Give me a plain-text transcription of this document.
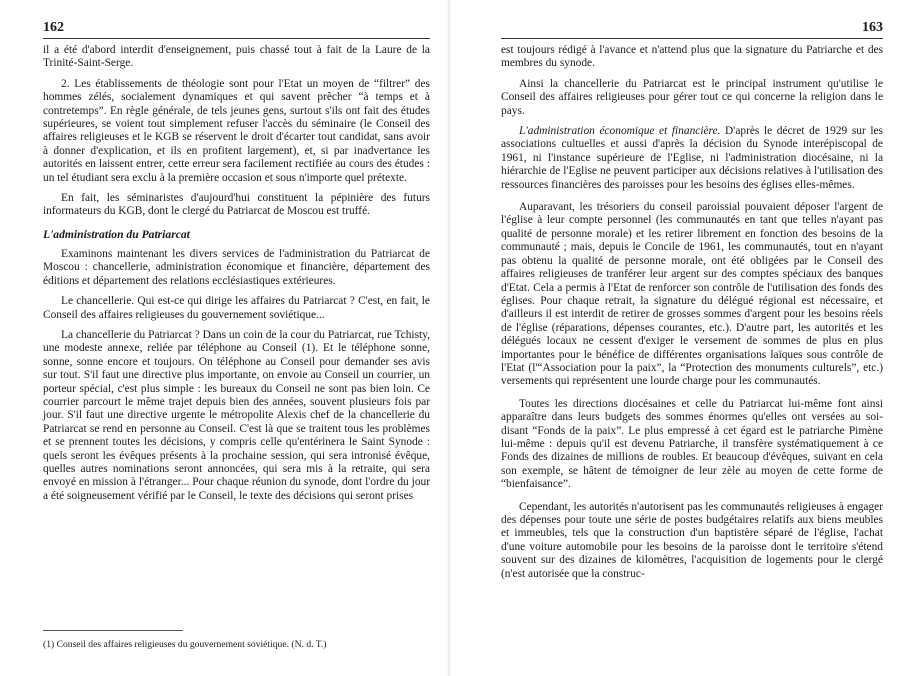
162

il a été d'abord interdit d'enseignement, puis chassé tout à fait de la Laure de la Trinité-Saint-Serge.

2. Les établissements de théologie sont pour l'Etat un moyen de “filtrer” des hommes zélés, socialement dynamiques et qui savent prêcher “à temps et à contretemps”. En règle générale, de tels jeunes gens, surtout s'ils ont fait des études supérieures, se voient tout simplement refuser l'accès du séminaire (le Conseil des affaires religieuses et le KGB se réservent le droit d'écarter tout candidat, sans avoir à donner d'explication, et ils en profitent largement), et, si par inadvertance les autorités en laissent entrer, cette erreur sera facilement rectifiée au cours des études : un tel étudiant sera exclu à la première occasion et sous n'importe quel prétexte.

En fait, les séminaristes d'aujourd'hui constituent la pépinière des futurs informateurs du KGB, dont le clergé du Patriarcat de Moscou est truffé.

L'administration du Patriarcat

Examinons maintenant les divers services de l'administration du Patriarcat de Moscou : chancellerie, administration économique et financière, département des éditions et département des relations ecclésiastiques extérieures.

Le chancellerie. Qui est-ce qui dirige les affaires du Patriarcat ? C'est, en fait, le Conseil des affaires religieuses du gouvernement soviétique...

La chancellerie du Patriarcat ? Dans un coin de la cour du Patriarcat, rue Tchisty, une modeste annexe, reliée par téléphone au Conseil (1). Et le téléphone sonne, sonne, sonne encore et toujours. On téléphone au Conseil pour demander ses avis sur tout. S'il faut une directive plus importante, on envoie au Conseil un courrier, un porteur spécial, c'est plus simple : les bureaux du Conseil ne sont pas bien loin. Ce courrier parcourt le même trajet depuis bien des années, souvent plusieurs fois par jour. S'il faut une directive urgente le métropolite Alexis chef de la chancellerie du Patriarcat se rend en personne au Conseil. C'est là que se traitent tous les problèmes et se prennent toutes les décisions, y compris celle qu'entérinera le Saint Synode : quels seront les évêques présents à la prochaine session, qui sera intronisé évêque, quelles autres nominations seront annoncées, qui sera mis à la retraite, qui sera envoyé en mission à l'étranger... Pour chaque réunion du synode, dont l'ordre du jour a été soigneusement vérifié par le Conseil, le texte des décisions qui seront prises

(1) Conseil des affaires religieuses du gouvernement soviétique. (N. d. T.)
163

est toujours rédigé à l'avance et n'attend plus que la signature du Patriarche et des membres du synode.

Ainsi la chancellerie du Patriarcat est le principal instrument qu'utilise le Conseil des affaires religieuses pour gérer tout ce qui concerne la religion dans le pays.

L'administration économique et financière. D'après le décret de 1929 sur les associations cultuelles et aussi d'après la décision du Synode interépiscopal de 1961, ni l'instance supérieure de l'Eglise, ni l'administration diocésaine, ni la hiérarchie de l'Eglise ne peuvent participer aux décisions relatives à l'utilisation des ressources financières des paroisses pour les besoins des églises elles-mêmes.

Auparavant, les trésoriers du conseil paroissial pouvaient déposer l'argent de l'église à leur compte personnel (les communautés en tant que telles n'ayant pas qualité de personne morale) et les retirer librement en fonction des besoins de la communauté ; mais, depuis le Concile de 1961, les communautés, tout en n'ayant pas obtenu la qualité de personne morale, ont été obligées par le Conseil des affaires religieuses de tranférer leur argent sur des comptes spéciaux des banques d'Etat. Cela a permis à l'Etat de renforcer son contrôle de l'utilisation des fonds des églises. Pour chaque retrait, la signature du délégué régional est nécessaire, et d'ailleurs il est interdit de retirer de grosses sommes d'argent pour les besoins réels de l'église (réparations, dépenses courantes, etc.). D'autre part, les autorités et les délégués locaux ne cessent d'exiger le versement de sommes de plus en plus importantes pour le bénéfice de différentes organisations laïques sous contrôle de l'Etat (l'“Association pour la paix”, la “Protection des monuments culturels”, etc.) versements qui représentent une lourde charge pour les communautés.

Toutes les directions diocésaines et celle du Patriarcat lui-même font ainsi apparaître dans leurs budgets des sommes énormes qu'elles ont versées au soi-disant “Fonds de la paix”. Le plus empressé à cet égard est le patriarche Pimène lui-même : depuis qu'il est devenu Patriarche, il transfère systématiquement à ce Fonds des dizaines de millions de roubles. Et beaucoup d'évêques, suivant en cela son exemple, se hâtent de témoigner de leur zèle au moyen de cette forme de “bienfaisance”.

Cependant, les autorités n'autorisent pas les communautés religieuses à engager des dépenses pour toute une série de postes budgétaires relatifs aux biens meubles et immeubles, tels que la construction d'un baptistère séparé de l'église, l'achat d'une voiture automobile pour les besoins de la paroisse dont le territoire s'étend souvent sur des dizaines de kilomètres, l'acquisition de logements pour le clergé (n'est autorisée que la construc-
